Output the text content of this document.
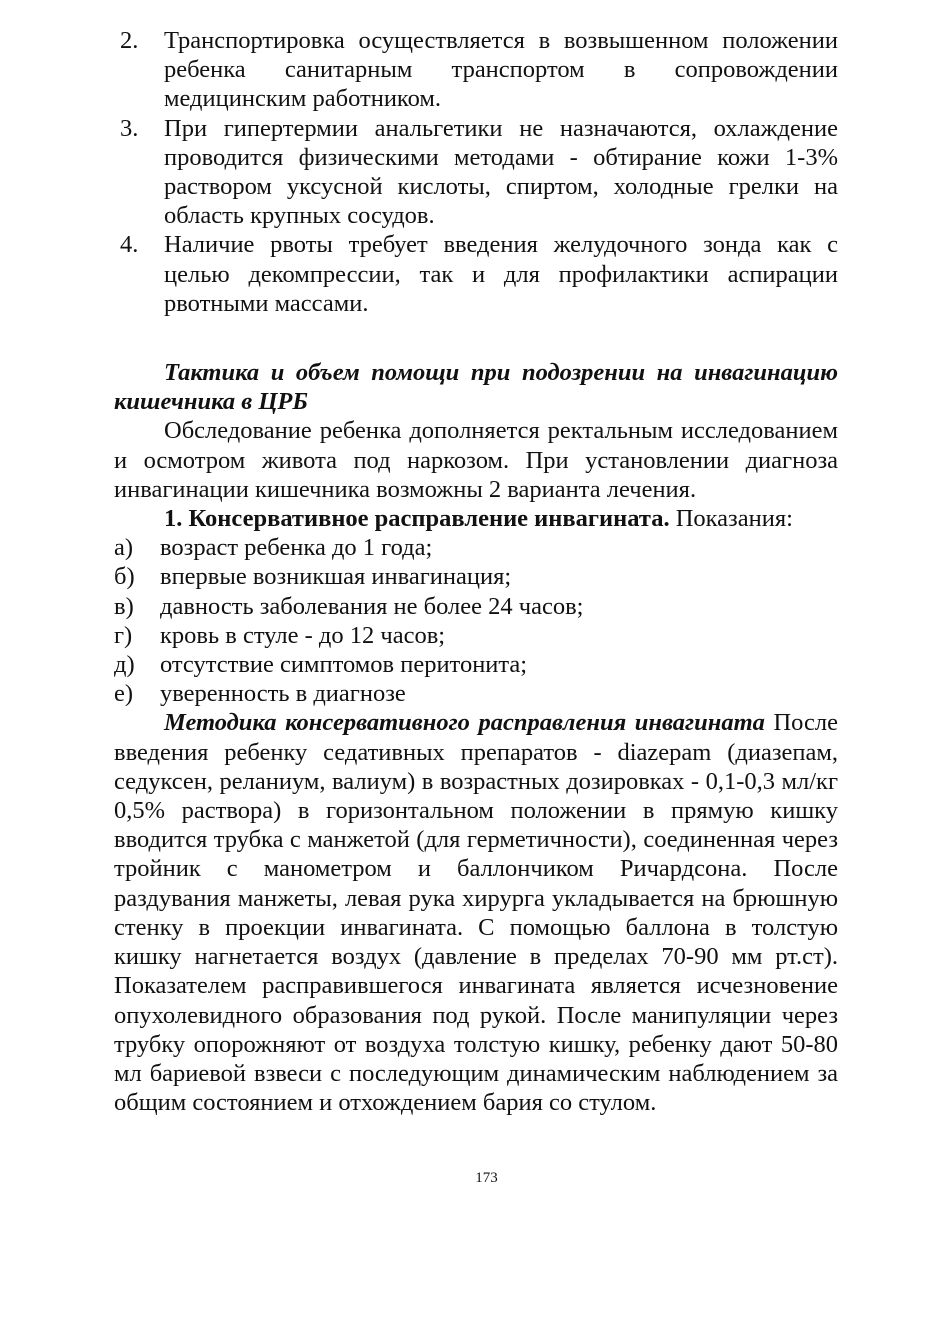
2.	Транспортировка осуществляется в возвышенном положении ребенка санитарным транспортом в сопровождении медицинским работником.
3.	При гипертермии анальгетики не назначаются, охлаждение проводится физическими методами - обтирание кожи 1-3% раствором уксусной кислоты, спиртом, холодные грелки на область крупных сосудов.
4.	Наличие рвоты требует введения желудочного зонда как с целью декомпрессии, так и для профилактики аспирации рвотными массами.

Тактика и объем помощи при подозрении на инвагинацию кишечника в ЦРБ

Обследование ребенка дополняется ректальным исследованием и осмотром живота под наркозом. При установлении диагноза инвагинации кишечника возможны 2 варианта лечения.

1. Консервативное расправление инвагината. Показания:

а)	возраст ребенка до 1 года;
б)	впервые возникшая инвагинация;
в)	давность заболевания не более 24 часов;
г)	кровь в стуле - до 12 часов;
д)	отсутствие симптомов перитонита;
е)	уверенность в диагнозе

Методика консервативного расправления инвагината После введения ребенку седативных препаратов - diazepam (диазепам, седуксен, реланиум, валиум) в возрастных дозировках - 0,1-0,3 мл/кг 0,5% раствора) в горизонтальном положении в прямую кишку вводится трубка с манжетой (для герметичности), соединенная через тройник с манометром и баллончиком Ричардсона. После раздувания манжеты, левая рука хирурга укладывается на брюшную стенку в проекции инвагината. С помощью баллона в толстую кишку нагнетается воздух (давление в пределах 70-90 мм рт.ст). Показателем расправившегося инвагината является исчезновение опухолевидного образования под рукой. После манипуляции через трубку опорожняют от воздуха толстую кишку, ребенку дают 50-80 мл бариевой взвеси с последующим динамическим наблюдением за общим состоянием и отхождением бария со стулом.

173
